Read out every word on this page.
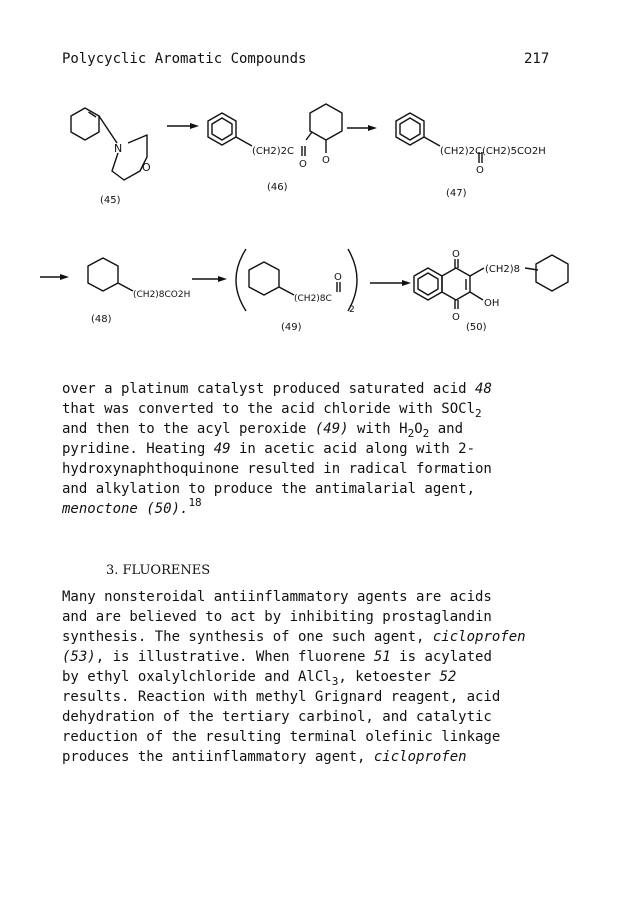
Polycyclic Aromatic Compounds	217
N
O
(CH2)2C
O O
(CH2)2C(CH2)5CO2H
O
(CH2)8CO2H	(CH2)8C
O
2
O
O
OH
(CH2)8
(45)
(46)
(47)
(48)
(49)	(50)
over a platinum catalyst produced saturated acid 48
that was converted to the acid chloride with SOCl$_2$
and then to the acyl peroxide (49) with $H_2O_2$ and
pyridine. Heating 49 in acetic acid along with 2-
hydroxynaphthoquinone resulted in radical formation
and alkylation to produce the antimalarial agent,
menoctone (50).$^{18}$
3. FLUORENES
Many nonsteroidal antiinflammatory agents are acids
and are believed to act by inhibiting prostaglandin
synthesis. The synthesis of one such agent, cicloprofen
(53), is illustrative. When fluorene 51 is acylated
by ethyl oxalylchloride and AlCl$_3$, ketoester 52
results. Reaction with methyl Grignard reagent, acid
dehydration of the tertiary carbinol, and catalytic
reduction of the resulting terminal olefinic linkage
produces the antiinflammatory agent, cicloprofen
